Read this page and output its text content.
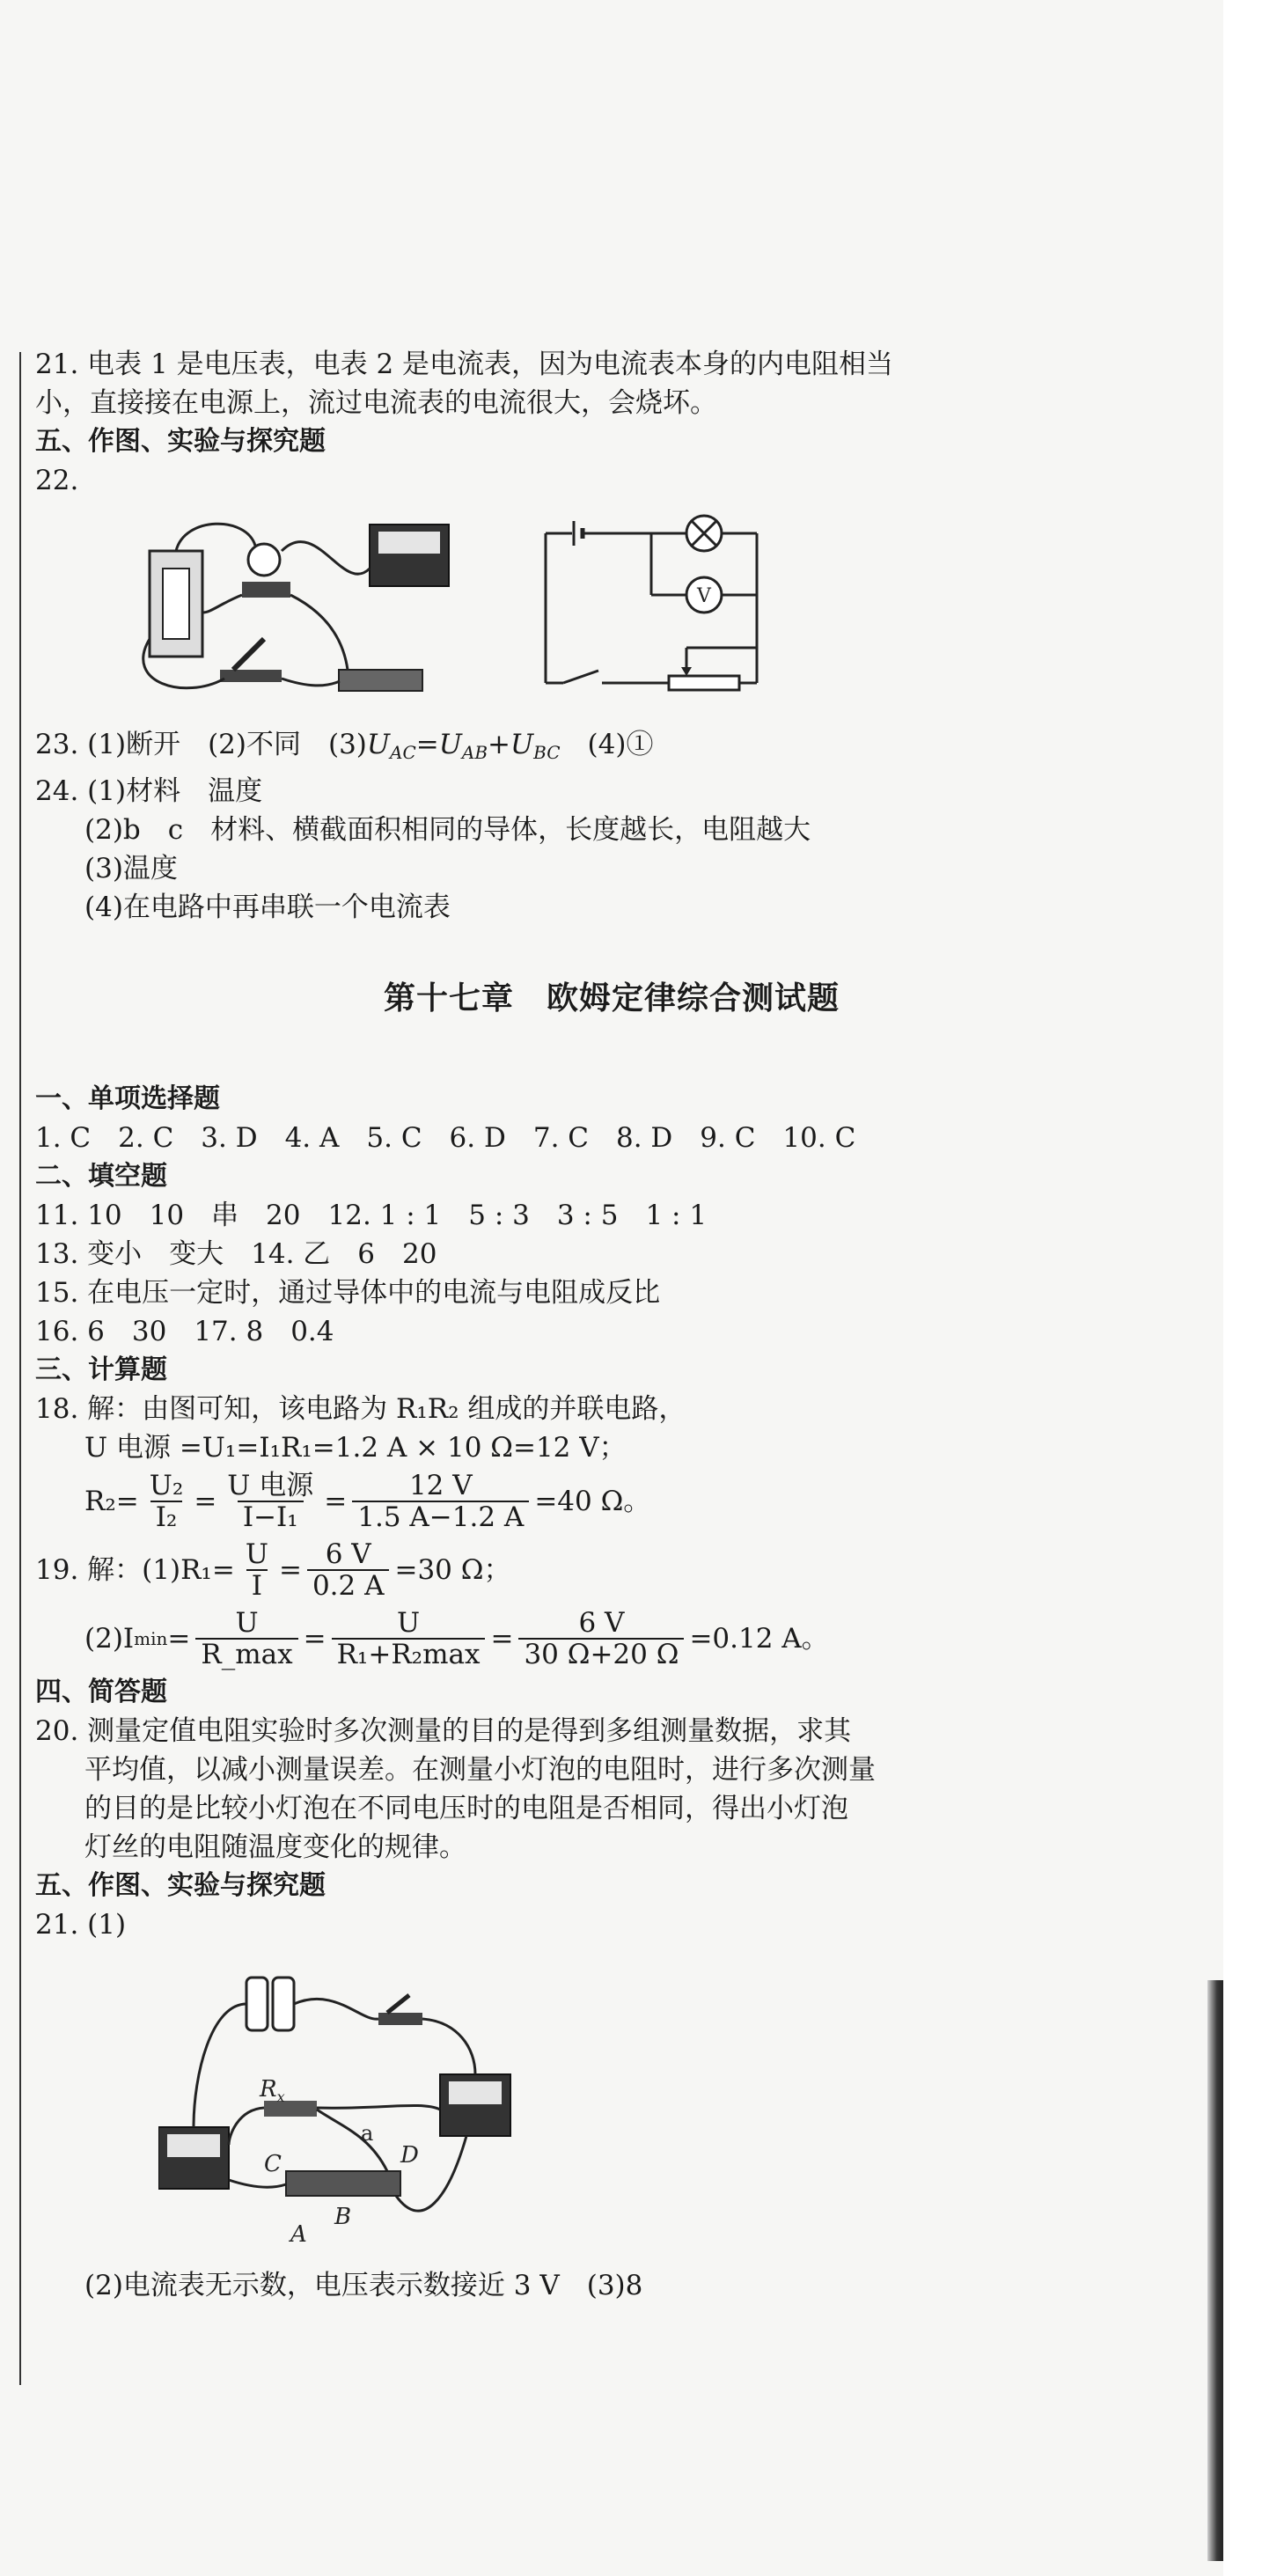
21. 电表 1 是电压表，电表 2 是电流表，因为电流表本身的内电阻相当

小，直接接在电源上，流过电流表的电流很大，会烧坏。

五、作图、实验与探究题

22.

V

23. (1)断开　(2)不同　$(3)U_{AC}=U_{AB}+U_{BC}$　(4)①

24. (1)材料　温度

(2)b　c　材料、横截面积相同的导体，长度越长，电阻越大

(3)温度

(4)在电路中再串联一个电流表

第十七章　欧姆定律综合测试题

一、单项选择题

1. C　2. C　3. D　4. A　5. C　6. D　7. C　8. D　9. C　10. C

二、填空题

11. 10　10　串　20　12. 1 : 1　5 : 3　3 : 5　1 : 1

13. 变小　变大　14. 乙　6　20

15. 在电压一定时，通过导体中的电流与电阻成反比

16. 6　30　17. 8　0.4

三、计算题

18. 解：由图可知，该电路为 R₁R₂ 组成的并联电路，

U 电源 =U₁=I₁R₁=1.2 A × 10 Ω=12 V；

$R_2= \frac{\text{U₂}}{\text{I₂}} = \frac{\text{U 电源}}{\text{I−I₁}} = \frac{12 V}{1.5 A-1.2 A} =40$ Ω。
19. 解：$(1)R_1= \frac{U}{I} = \frac{6 V}{0.2 A} =30$ Ω；
(2)I $\min = \frac{U}{R\_\max} = \frac{U}{\text{R₁+R₂max}} = \frac{6 V}{30 \Omega+20 \Omega} =0.12$ A。

四、简答题

20. 测量定值电阻实验时多次测量的目的是得到多组测量数据，求其

平均值，以减小测量误差。在测量小灯泡的电阻时，进行多次测量

的目的是比较小灯泡在不同电压时的电阻是否相同，得出小灯泡

灯丝的电阻随温度变化的规律。

五、作图、实验与探究题

21. (1)

$R_x$
C	D
a
A
B

(2)电流表无示数，电压表示数接近 3 V　(3)8
